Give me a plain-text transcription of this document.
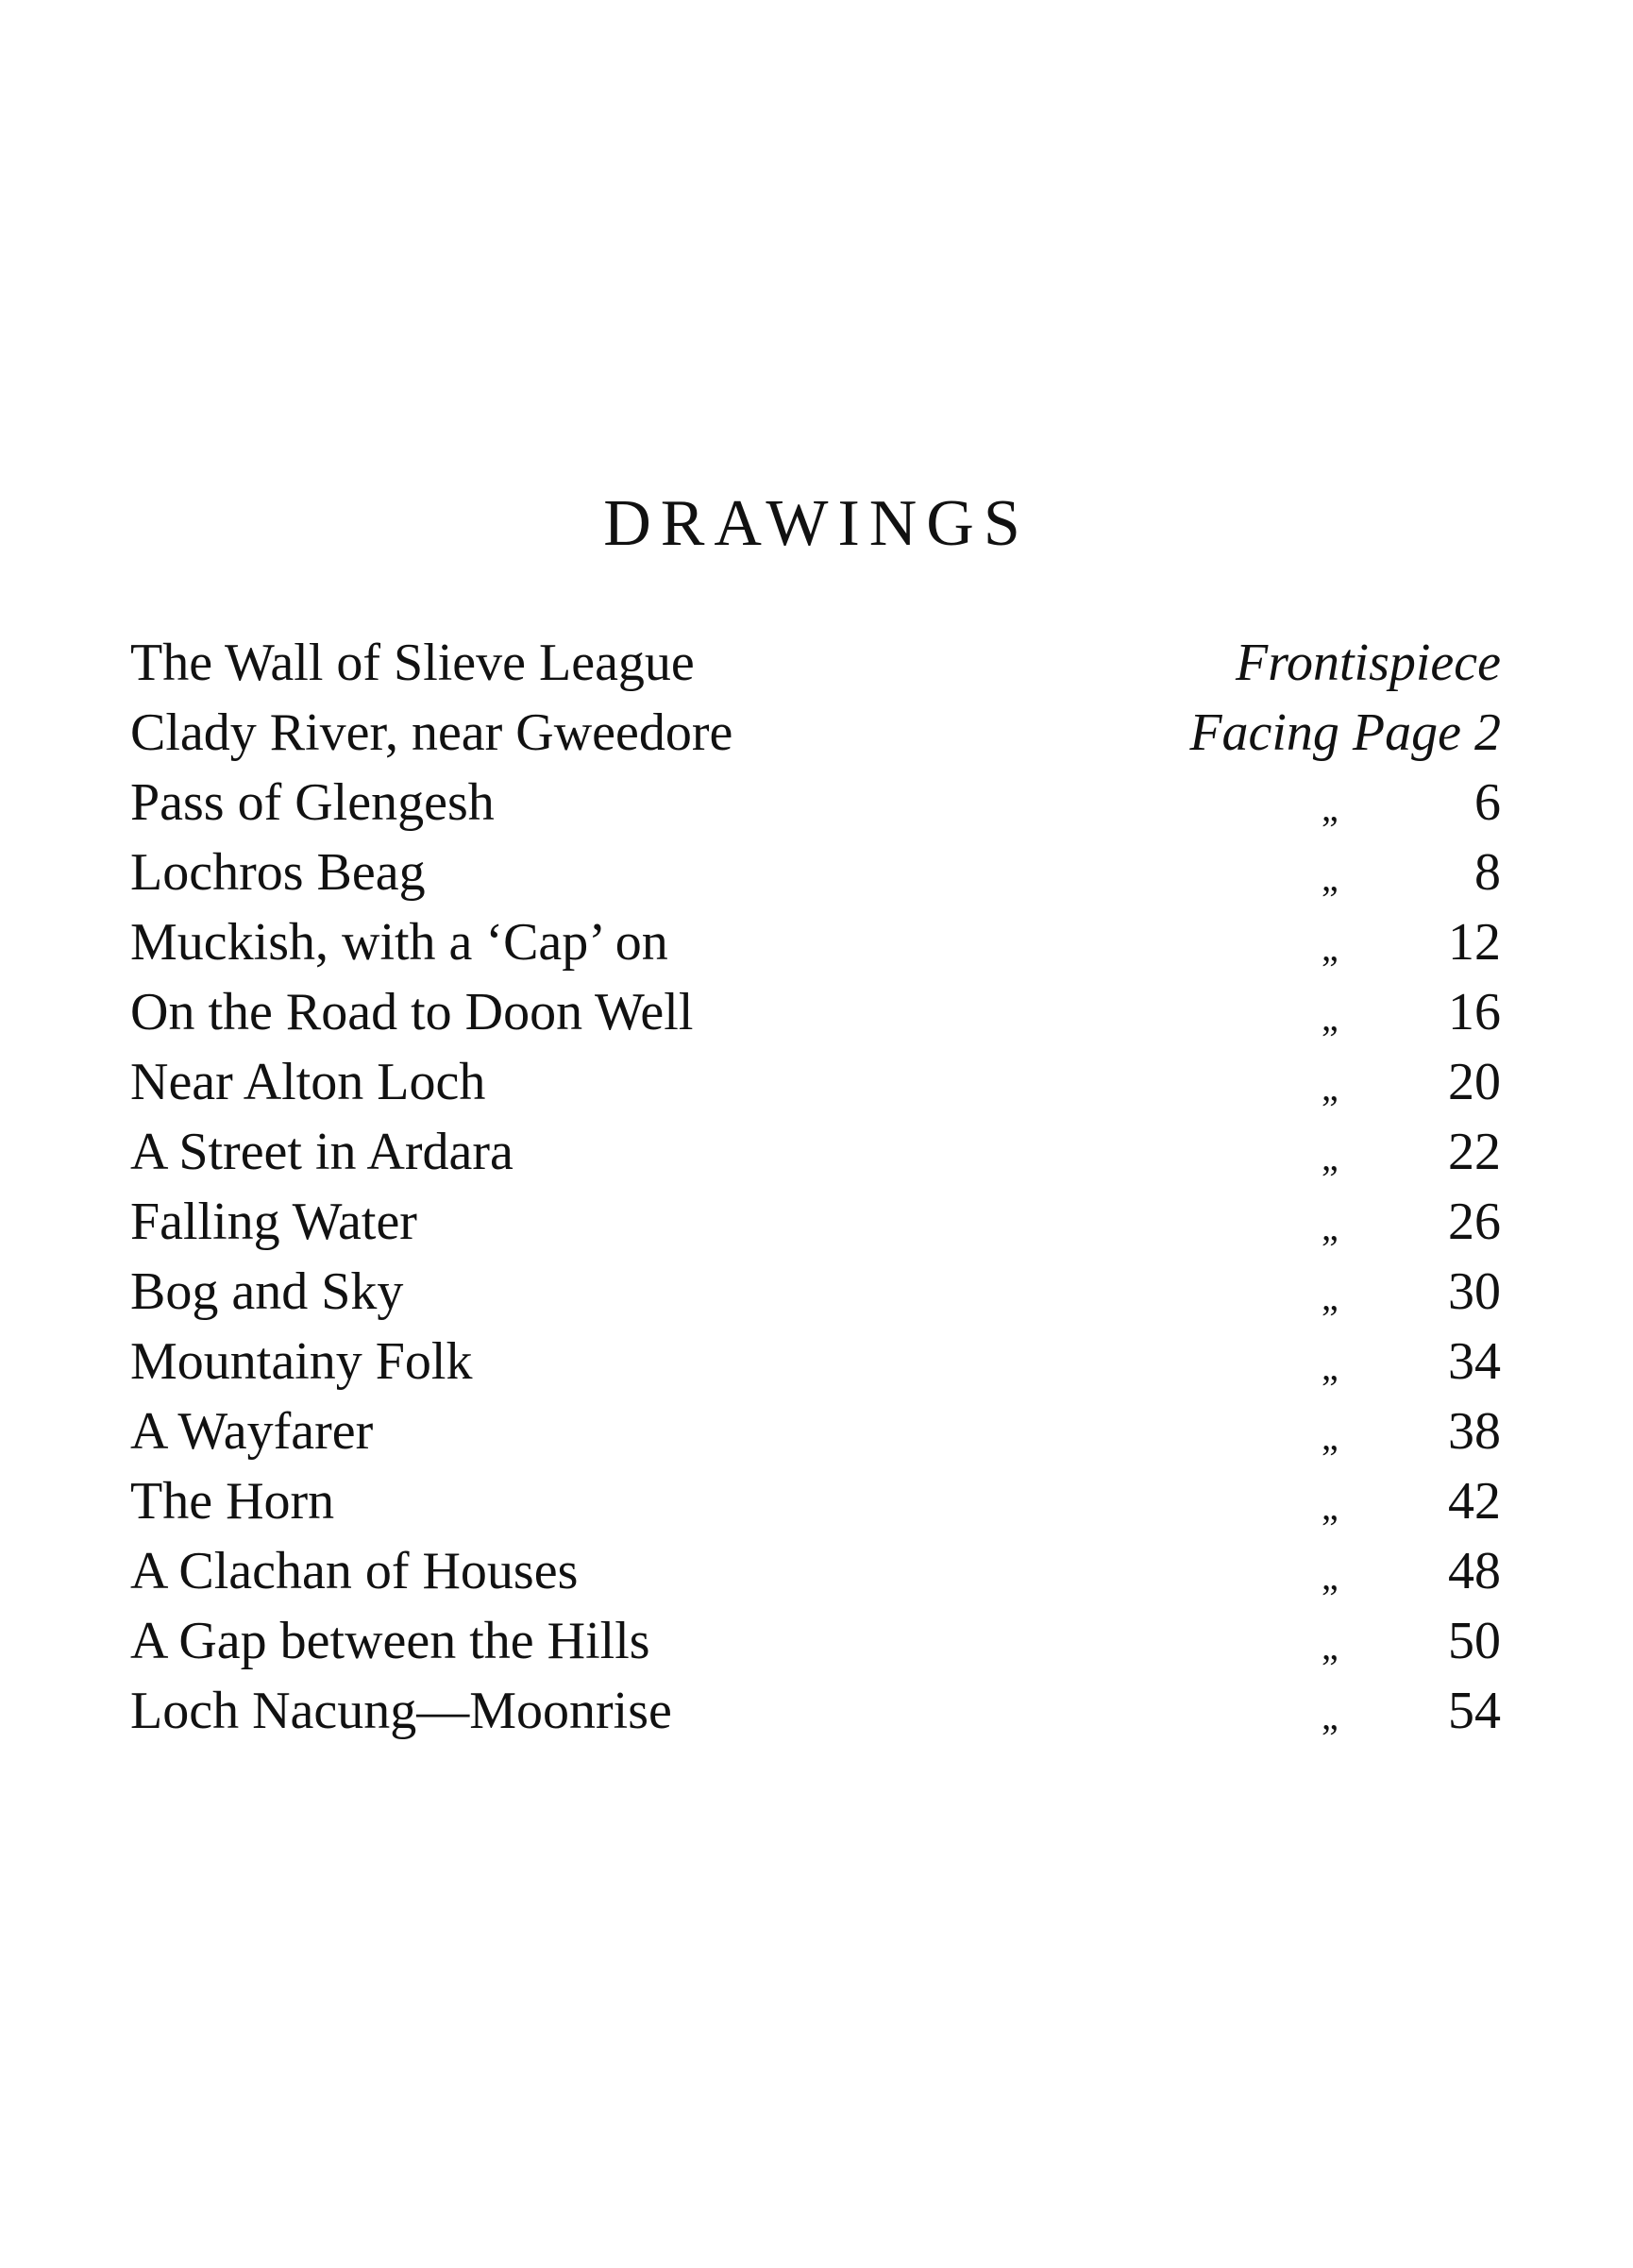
DRAWINGS
The Wall of Slieve League	Frontispiece
Clady River, near Gweedore	Facing Page 2
Pass of Glengesh	„	6
Lochros Beag	„	8
Muckish, with a ‘Cap’ on	„ 12
On the Road to Doon Well	„ 16
Near Alton Loch	„ 20
A Street in Ardara	„ 22
Falling Water	„ 26
Bog and Sky	„ 30
Mountainy Folk	„ 34
A Wayfarer	„ 38
The Horn	„ 42
A Clachan of Houses	„ 48
A Gap between the Hills	„ 50
Loch Nacung—Moonrise	„ 54
